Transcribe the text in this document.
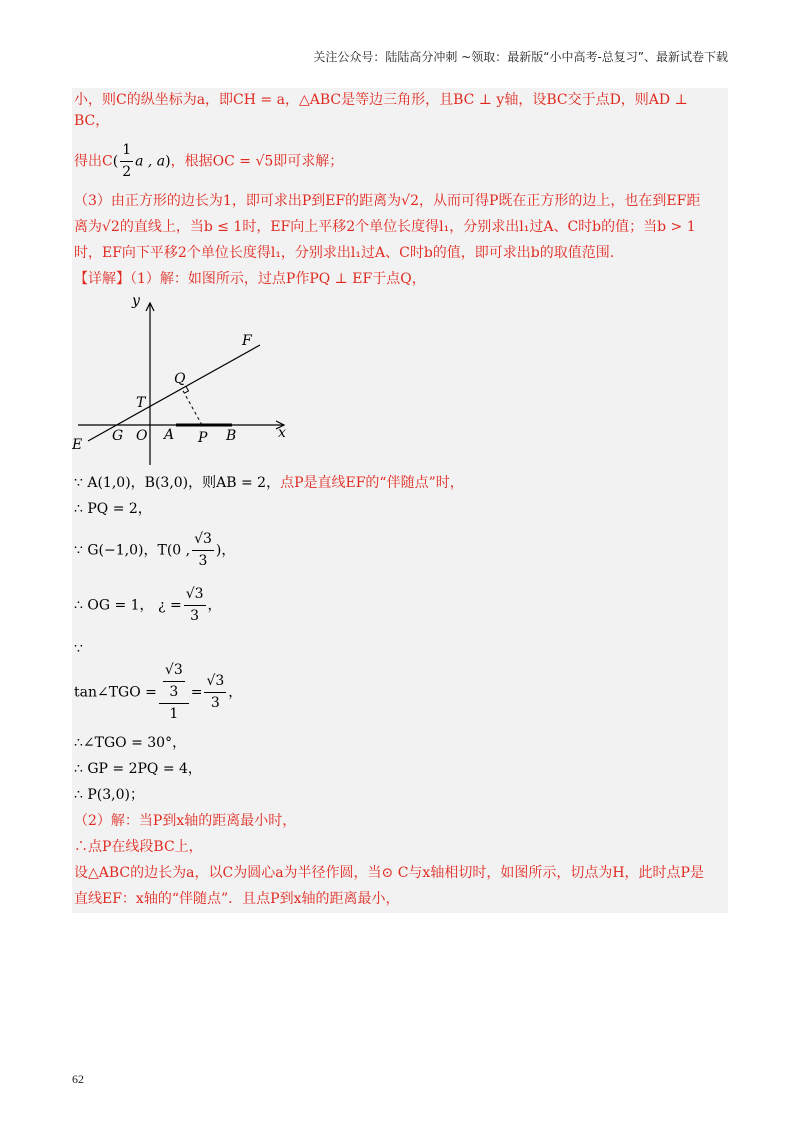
关注公众号：陆陆高分冲刺 ~领取：最新版“小中高考-总复习”、最新试卷下载
小，则C的纵坐标为a，即CH = a，△ABC是等边三角形，且BC ⊥ y轴，设BC交于点D，则AD ⊥ BC，
得出$C( \frac{1}{2}$ a , a)，根据OC = √5即可求解；
（3）由正方形的边长为1，即可求出P到EF的距离为√2，从而可得P既在正方形的边上，也在到EF距
离为√2的直线上，当b ≤ 1时，EF向上平移2个单位长度得l₁，分别求出l₁过A、C时b的值；当b > 1
时，EF向下平移2个单位长度得l₁，分别求出l₁过A、C时b的值，即可求出b的取值范围.
【详解】（1）解：如图所示，过点P作PQ ⊥ EF于点Q，
y
x
F
E
Q
T
G O A P B
∵ A(1,0)，B(3,0)，则AB = 2，点P是直线EF的“伴随点”时，
∴ PQ = 2，
∵ G(−1,0)，T(0 , $\frac{√3}{3}$ )，
∴ OG = 1， ¿ = $\frac{√3}{3}$ ，
∵
tan∠TGO = $\frac{\frac{√3}{3}}{1} = \frac{√3}{3}$ ，
∴∠TGO = 30°，
∴ GP = 2PQ = 4，
∴ P(3,0)；
（2）解：当P到x轴的距离最小时，
∴点P在线段BC上，
设△ABC的边长为a，以C为圆心a为半径作圆，当⊙ C与x轴相切时，如图所示，切点为H，此时点P是
直线EF：x轴的“伴随点”．且点P到x轴的距离最小，
62
